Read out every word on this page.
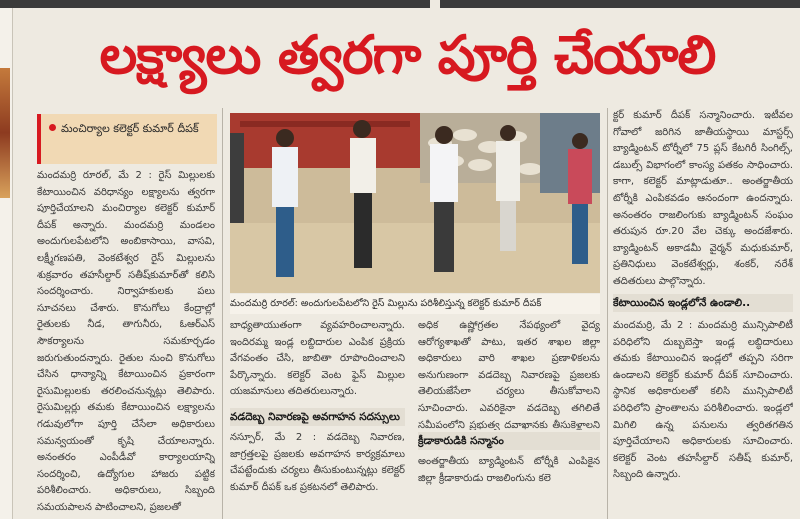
లక్ష్యాలు త్వరగా పూర్తి చేయాలి
మంచిర్యాల కలెక్టర్ కుమార్ దీపక్

మందమర్రి రూరల్, మే 2 : రైస్ మిల్లులకు కేటాయించిన వరిధాన్యం లక్ష్యాలను త్వరగా పూర్తిచేయాలని మంచిర్యాల కలెక్టర్ కుమార్ దీపక్ అన్నారు. మందమర్రి మండలం అందుగులపేటలోని అంబికాసాయి, వాసవి, లక్ష్మీగణపతి, వెంకటేశ్వర రైస్ మిల్లులను శుక్రవారం తహసీల్దార్ సతీష్‌కుమార్‌తో కలిసి సందర్శించారు. నిర్వాహకులకు పలు సూచనలు చేశారు. కొనుగోలు కేంద్రాల్లో రైతులకు నీడ, తాగునీరు, ఓఆర్ఎస్ సౌకర్యాలను సమకూర్చడం జరుగుతుందన్నారు. రైతుల నుంచి కొనుగోలు చేసిన ధాన్యాన్ని కేటాయించిన ప్రకారంగా రైసుమిల్లులకు తరలించనున్నట్లు తెలిపారు. రైసుమిల్లర్లు తమకు కేటాయించిన లక్ష్యాలను గడువులోగా పూర్తి చేసేలా అధికారులు సమన్వయంతో కృషి చేయాలన్నారు. అనంతరం ఎంపీడీవో కార్యాలయాన్ని సందర్శించి, ఉద్యోగుల హాజరు పట్టిక పరిశీలించారు. అధికారులు, సిబ్బంది సమయపాలన పాటించాలని, ప్రజలతో

మందమర్రి రూరల్: అందుగులపేటలోని రైస్ మిల్లును పరిశీలిస్తున్న కలెక్టర్ కుమార్ దీపక్

బాధ్యతాయుతంగా వ్యవహరించాలన్నారు. ఇందిరమ్మ ఇండ్ల లబ్దిదారుల ఎంపిక ప్రక్రియ వేగవంతం చేసి, జాబితా రూపొందించాలని పేర్కొన్నారు. కలెక్టర్ వెంట ఫైస్ మిల్లుల యజమానులు తదితరులున్నారు.

వడదెబ్బ నివారణపై అవగాహన సదస్సులు

నస్పూర్, మే 2 : వడదెబ్బ నివారణ, జాగ్రత్తలపై ప్రజలకు అవగాహన కార్యక్రమాలు చేపట్టేందుకు చర్యలు తీసుకుంటున్నట్లు కలెక్టర్ కుమార్ దీపక్ ఒక ప్రకటనలో తెలిపారు.

అధిక ఉష్ణోగ్రతల నేపథ్యంలో వైద్య ఆరోగ్యశాఖతో పాటు, ఇతర శాఖల జిల్లా అధికారులు వారి శాఖల ప్రణాళికలను అనుగుణంగా వడదెబ్బ నివారణపై ప్రజలకు తెలియజేసేలా చర్యలు తీసుకోవాలని సూచించారు. ఎవరికైనా వడదెబ్బ తగిలితే సమీపంలోని ప్రభుత్వ దవాఖానకు తీసుకెళ్లాలని

క్రీడాకారుడికి సన్మానం

అంతర్జాతీయ బ్యాడ్మింటన్ టోర్నీకి ఎంపికైన జిల్లా క్రీడాకారుడు రాజలింగును కలె

క్టర్ కుమార్ దీపక్ సన్మానించారు. ఇటీవల గోవాలో జరిగిన జాతీయస్థాయి మాస్టర్స్ బ్యాడ్మింటన్ టోర్నీలో 75 ప్లస్ కేటగిరీ సింగిల్స్, డబుల్స్ విభాగంలో కాంస్య పతకం సాధించారు. కాగా, కలెక్టర్ మాట్లాడుతూ.. అంతర్జాతీయ టోర్నీకి ఎంపికవడం ఆనందంగా ఉందన్నారు. అనంతరం రాజలింగుకు బ్యాడ్మింటన్ సంఘం తరుపున రూ.20 వేల చెక్కు అందజేశారు. బ్యాడ్మింటన్ అకాడమీ వైర్మన్ మధుకుమార్, ప్రతినిధులు వెంకటేశ్వర్లు, శంకర్, నరేశ్ తదితరులు పాల్గొన్నారు.

కేటాయించిన ఇండ్లలోనే ఉండాలి..

మందమర్రి, మే 2 : మందమర్రి మున్సిపాలిటీ పరిధిలోని దుబ్బబెస్తా ఇండ్ల లబ్ధిదారులు తమకు కేటాయించిన ఇండ్లలో తప్పని సరిగా ఉండాలని కలెక్టర్ కుమార్ దీపక్ సూచించారు. స్థానిక అధికారులతో కలిసి మున్సిపాలిటీ పరిధిలోని ప్రాంతాలను పరిశీలించారు. ఇండ్లలో మిగిలి ఉన్న పనులను త్వరితగతిన పూర్తిచేయాలని అధికారులకు సూచించారు. కలెక్టర్ వెంట తహసీల్దార్ సతీష్ కుమార్, సిబ్బంది ఉన్నారు.
